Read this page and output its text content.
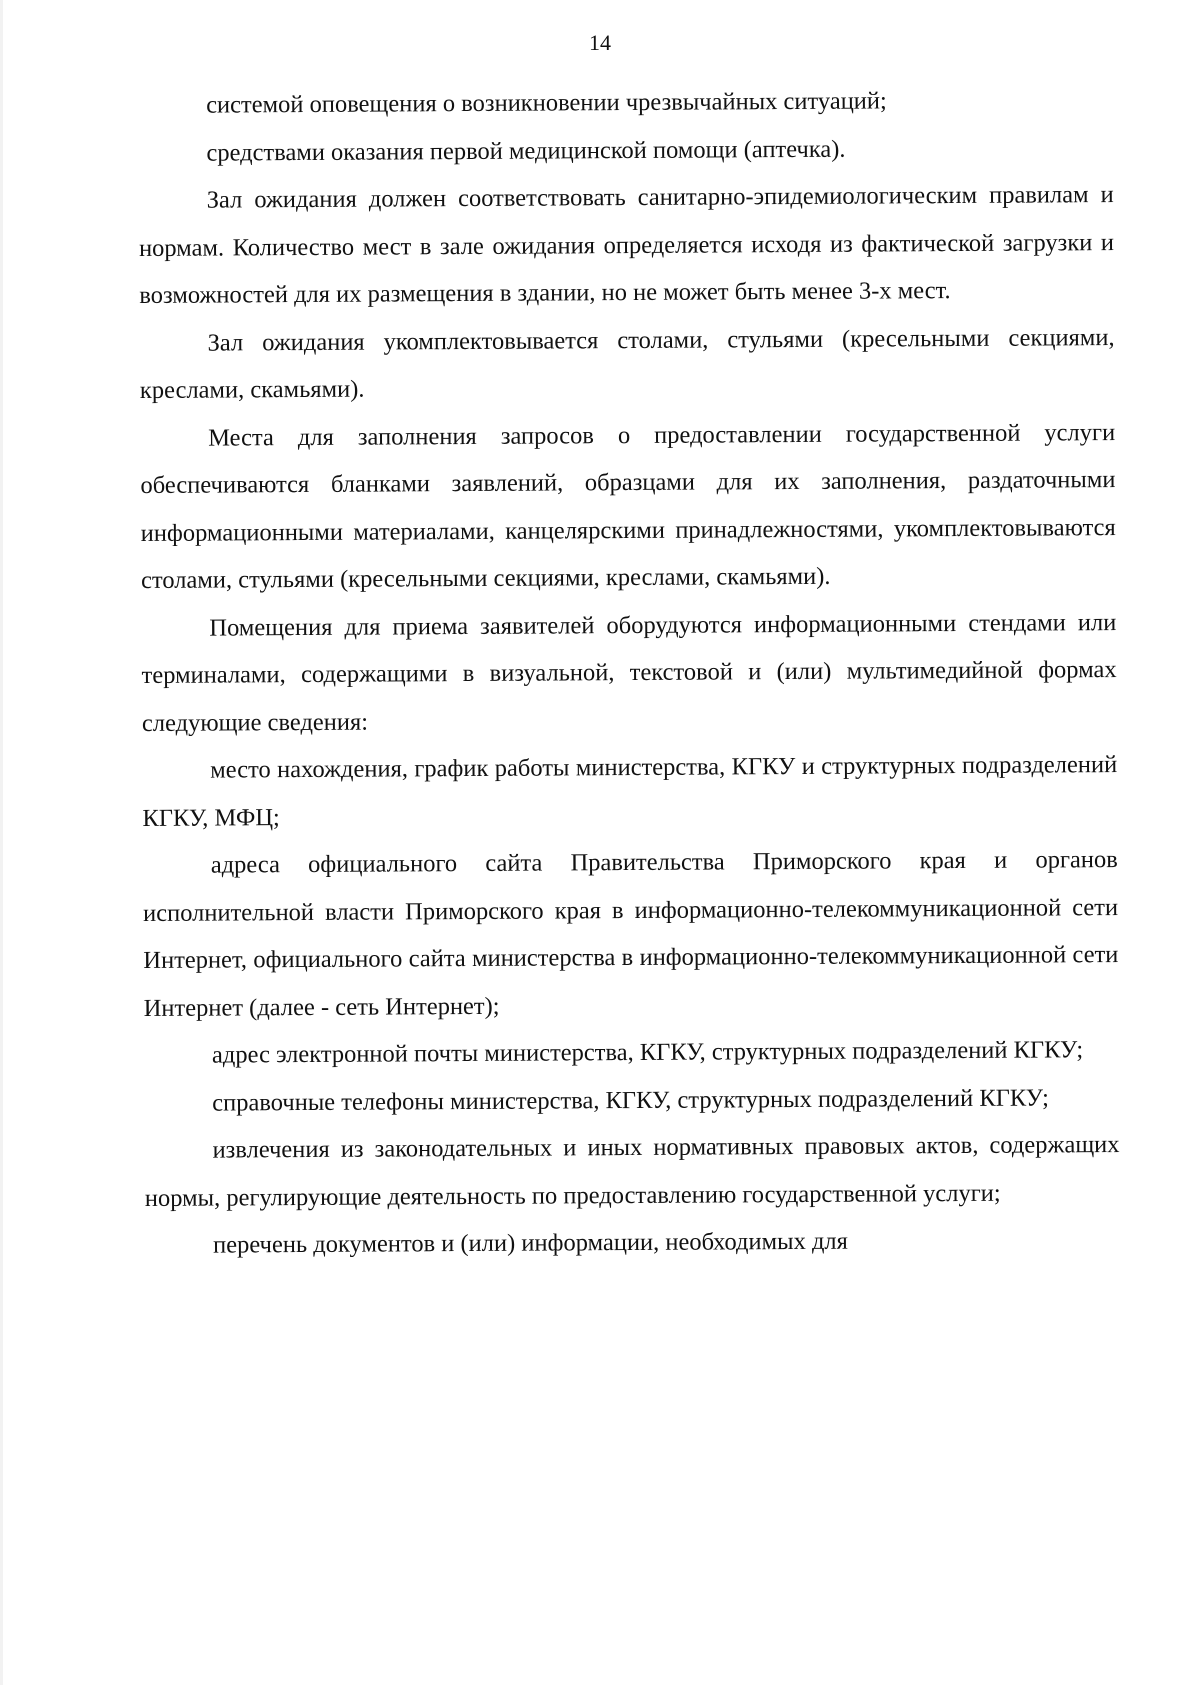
14

системой оповещения о возникновении чрезвычайных ситуаций;

средствами оказания первой медицинской помощи (аптечка).

Зал ожидания должен соответствовать санитарно-эпидемиологическим правилам и нормам. Количество мест в зале ожидания определяется исходя из фактической загрузки и возможностей для их размещения в здании, но не может быть менее 3-х мест.

Зал ожидания укомплектовывается столами, стульями (кресельными секциями, креслами, скамьями).

Места для заполнения запросов о предоставлении государственной услуги обеспечиваются бланками заявлений, образцами для их заполнения, раздаточными информационными материалами, канцелярскими принадлежностями, укомплектовываются столами, стульями (кресельными секциями, креслами, скамьями).

Помещения для приема заявителей оборудуются информационными стендами или терминалами, содержащими в визуальной, текстовой и (или) мультимедийной формах следующие сведения:

место нахождения, график работы министерства, КГКУ и структурных подразделений КГКУ, МФЦ;

адреса официального сайта Правительства Приморского края и органов исполнительной власти Приморского края в информационно-телекоммуникационной сети Интернет, официального сайта министерства в информационно-телекоммуникационной сети Интернет (далее - сеть Интернет);

адрес электронной почты министерства, КГКУ, структурных подразделений КГКУ;

справочные телефоны министерства, КГКУ, структурных подразделений КГКУ;

извлечения из законодательных и иных нормативных правовых актов, содержащих нормы, регулирующие деятельность по предоставлению государственной услуги;

перечень документов и (или) информации, необходимых для
